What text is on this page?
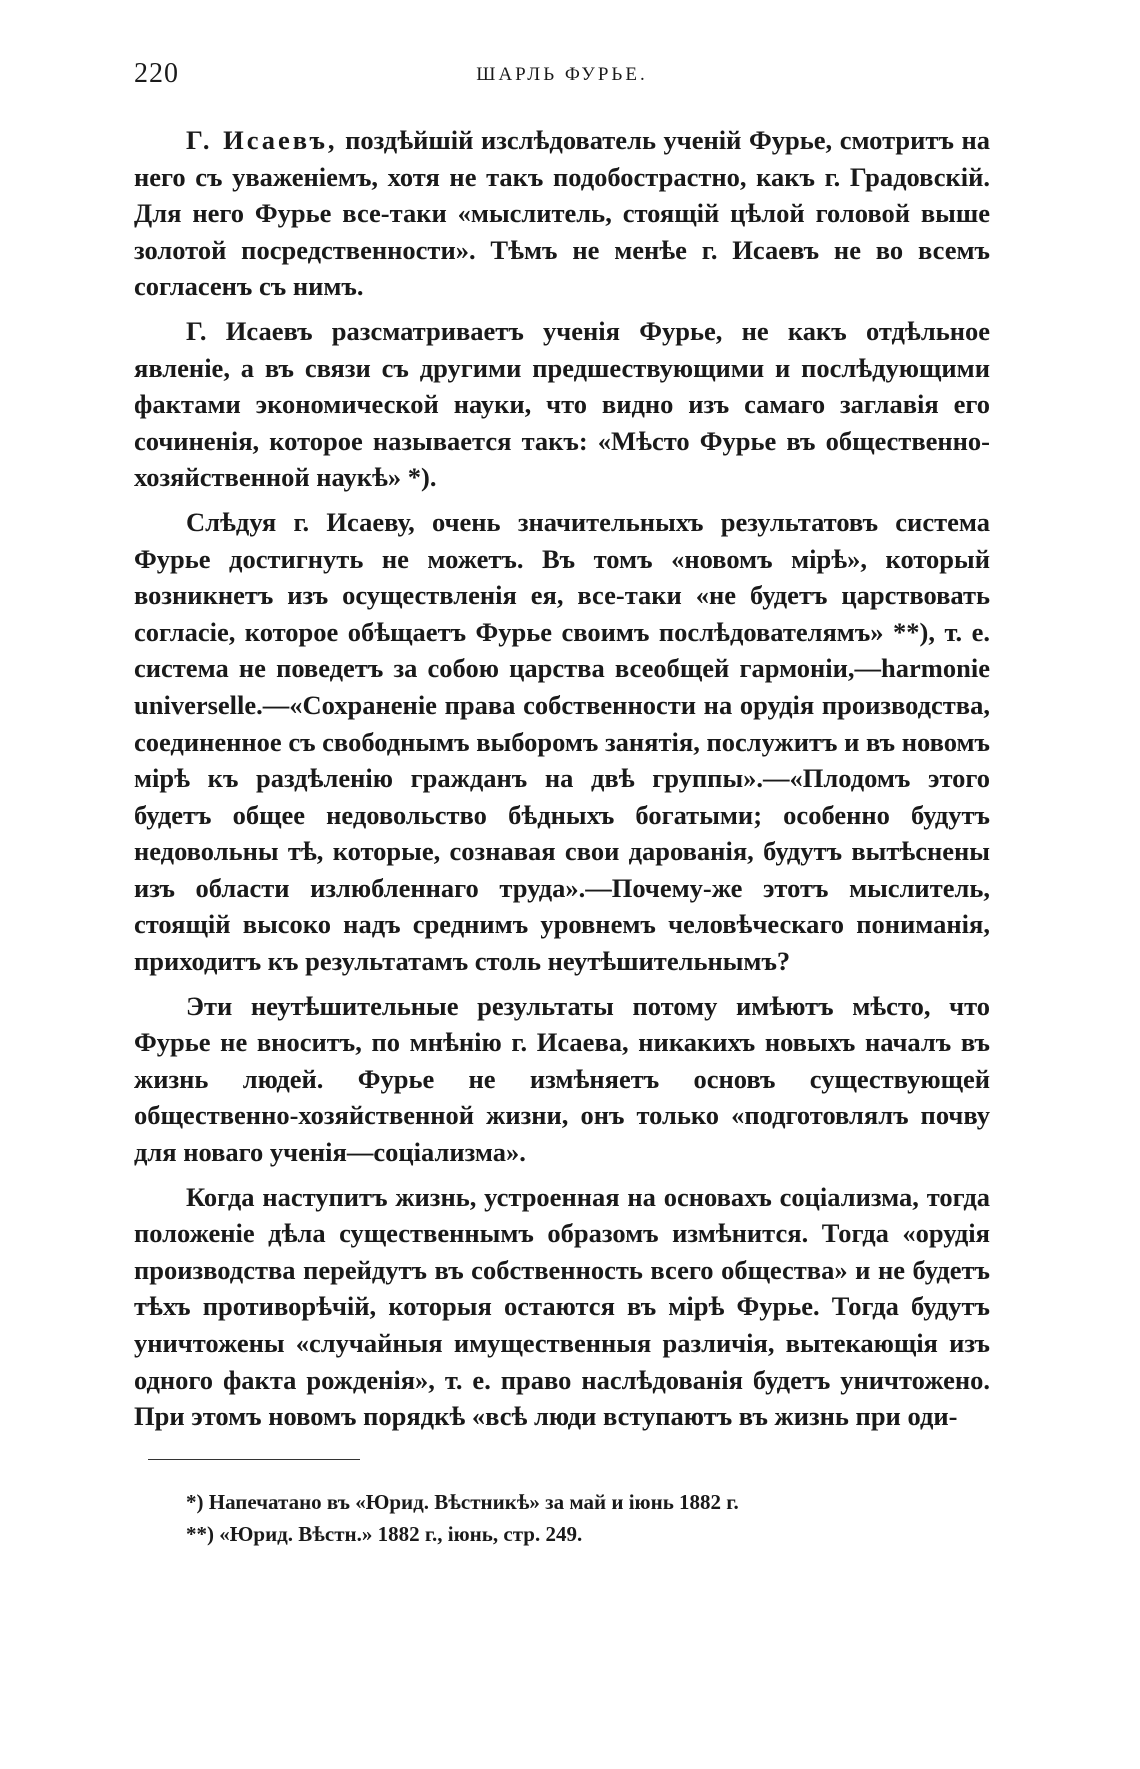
220	ШАРЛЬ ФУРЬЕ.

Г. Исаевъ, поздѣйшій изслѣдователь ученій Фурье, смотритъ на него съ уваженіемъ, хотя не такъ подобострастно, какъ г. Градовскій. Для него Фурье все-таки «мыслитель, стоящій цѣлой головой выше золотой посредственности». Тѣмъ не менѣе г. Исаевъ не во всемъ согласенъ съ нимъ.

Г. Исаевъ разсматриваетъ ученія Фурье, не какъ отдѣльное явленіе, а въ связи съ другими предшествующими и послѣдующими фактами экономической науки, что видно изъ самаго заглавія его сочиненія, которое называется такъ: «Мѣсто Фурье въ общественно-хозяйственной наукѣ» *).

Слѣдуя г. Исаеву, очень значительныхъ результатовъ система Фурье достигнуть не можетъ. Въ томъ «новомъ мірѣ», который возникнетъ изъ осуществленія ея, все-таки «не будетъ царствовать согласіе, которое обѣщаетъ Фурье своимъ послѣдователямъ» **), т. е. система не поведетъ за собою царства всеобщей гармоніи,—harmonie universelle.—«Сохраненіе права собственности на орудія производства, соединенное съ свободнымъ выборомъ занятія, послужитъ и въ новомъ мірѣ къ раздѣленію гражданъ на двѣ группы».—«Плодомъ этого будетъ общее недовольство бѣдныхъ богатыми; особенно будутъ недовольны тѣ, которые, сознавая свои дарованія, будутъ вытѣснены изъ области излюбленнаго труда».—Почему-же этотъ мыслитель, стоящій высоко надъ среднимъ уровнемъ человѣческаго пониманія, приходитъ къ результатамъ столь неутѣшительнымъ?

Эти неутѣшительные результаты потому имѣютъ мѣсто, что Фурье не вноситъ, по мнѣнію г. Исаева, никакихъ новыхъ началъ въ жизнь людей. Фурье не измѣняетъ основъ существующей общественно-хозяйственной жизни, онъ только «подготовлялъ почву для новаго ученія—соціализма».

Когда наступитъ жизнь, устроенная на основахъ соціализма, тогда положеніе дѣла существеннымъ образомъ измѣнится. Тогда «орудія производства перейдутъ въ собственность всего общества» и не будетъ тѣхъ противорѣчій, которыя остаются въ мірѣ Фурье. Тогда будутъ уничтожены «случайныя имущественныя различія, вытекающія изъ одного факта рожденія», т. е. право наслѣдованія будетъ уничтожено. При этомъ новомъ порядкѣ «всѣ люди вступаютъ въ жизнь при оди-

*) Напечатано въ «Юрид. Вѣстникѣ» за май и іюнь 1882 г.
**) «Юрид. Вѣстн.» 1882 г., іюнь, стр. 249.
